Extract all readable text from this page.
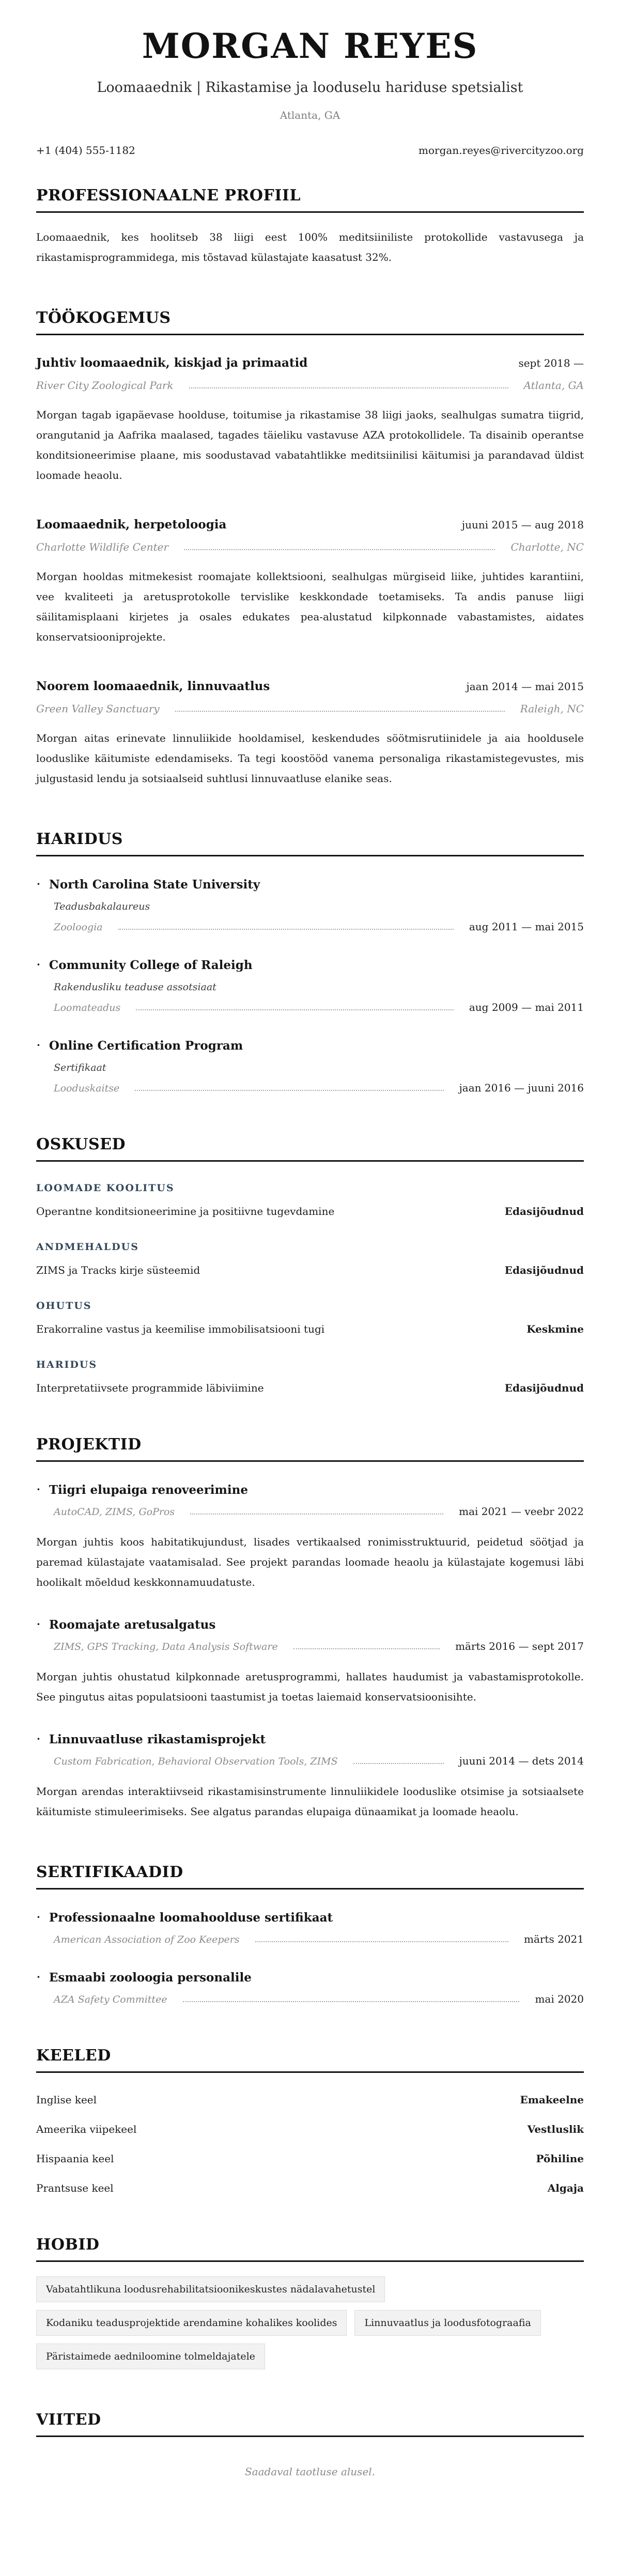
MORGAN REYES
Loomaaednik | Rikastamise ja looduselu hariduse spetsialist
Atlanta, GA
+1 (404) 555-1182	morgan.reyes@rivercityzoo.org
PROFESSIONAALNE PROFIIL

Loomaaednik, kes hoolitseb 38 liigi eest 100% meditsiiniliste protokollide vastavusega ja rikastamisprogrammidega, mis tõstavad külastajate kaasatust 32%.

TÖÖKOGEMUS
Juhtiv loomaaednik, kiskjad ja primaatid	sept 2018 —
River City Zoological Park	Atlanta, GA

Morgan tagab igapäevase hoolduse, toitumise ja rikastamise 38 liigi jaoks, sealhulgas sumatra tiigrid, orangutanid ja Aafrika maalased, tagades täieliku vastavuse AZA protokollidele. Ta disainib operantse konditsioneerimise plaane, mis soodustavad vabatahtlikke meditsiinilisi käitumisi ja parandavad üldist loomade heaolu.

Loomaaednik, herpetoloogia	juuni 2015 — aug 2018
Charlotte Wildlife Center	Charlotte, NC

Morgan hooldas mitmekesist roomajate kollektsiooni, sealhulgas mürgiseid liike, juhtides karantiini, vee kvaliteeti ja aretusprotokolle tervislike keskkondade toetamiseks. Ta andis panuse liigi säilitamisplaani kirjetes ja osales edukates pea-alustatud kilpkonnade vabastamistes, aidates konservatsiooniprojekte.

Noorem loomaaednik, linnuvaatlus	jaan 2014 — mai 2015
Green Valley Sanctuary	Raleigh, NC

Morgan aitas erinevate linnuliikide hooldamisel, keskendudes söötmisrutiinidele ja aia hooldusele looduslike käitumiste edendamiseks. Ta tegi koostööd vanema personaliga rikastamistegevustes, mis julgustasid lendu ja sotsiaalseid suhtlusi linnuvaatluse elanike seas.

HARIDUS
· North Carolina State University
Teadusbakalaureus
Zooloogia	aug 2011 — mai 2015
· Community College of Raleigh
Rakendusliku teaduse assotsiaat
Loomateadus	aug 2009 — mai 2011
· Online Certification Program
Sertifikaat
Looduskaitse	jaan 2016 — juuni 2016
OSKUSED
LOOMADE KOOLITUS
Operantne konditsioneerimine ja positiivne tugevdamine	Edasijõudnud
ANDMEHALDUS
ZIMS ja Tracks kirje süsteemid	Edasijõudnud
OHUTUS
Erakorraline vastus ja keemilise immobilisatsiooni tugi	Keskmine
HARIDUS
Interpretatiivsete programmide läbiviimine	Edasijõudnud
PROJEKTID
· Tiigri elupaiga renoveerimine
AutoCAD, ZIMS, GoPros	mai 2021 — veebr 2022

Morgan juhtis koos habitatikujundust, lisades vertikaalsed ronimisstruktuurid, peidetud söötjad ja paremad külastajate vaatamisalad. See projekt parandas loomade heaolu ja külastajate kogemusi läbi hoolikalt mõeldud keskkonnamuudatuste.

· Roomajate aretusalgatus
ZIMS, GPS Tracking, Data Analysis Software	märts 2016 — sept 2017

Morgan juhtis ohustatud kilpkonnade aretusprogrammi, hallates haudumist ja vabastamisprotokolle. See pingutus aitas populatsiooni taastumist ja toetas laiemaid konservatsioonisihte.

· Linnuvaatluse rikastamisprojekt
Custom Fabrication, Behavioral Observation Tools, ZIMS	juuni 2014 — dets 2014

Morgan arendas interaktiivseid rikastamisinstrumente linnuliikidele looduslike otsimise ja sotsiaalsete käitumiste stimuleerimiseks. See algatus parandas elupaiga dünaamikat ja loomade heaolu.

SERTIFIKAADID
· Professionaalne loomahoolduse sertifikaat
American Association of Zoo Keepers	märts 2021
· Esmaabi zooloogia personalile
AZA Safety Committee	mai 2020
KEELED
Inglise keel	Emakeelne
Ameerika viipekeel	Vestluslik
Hispaania keel	Põhiline
Prantsuse keel	Algaja
HOBID
Vabatahtlikuna loodusrehabilitatsioonikeskustes nädalavahetustel
Kodaniku teadusprojektide arendamine kohalikes koolides	Linnuvaatlus ja loodusfotograafia
Päristaimede aedniloomine tolmeldajatele
VIITED
Saadaval taotluse alusel.
